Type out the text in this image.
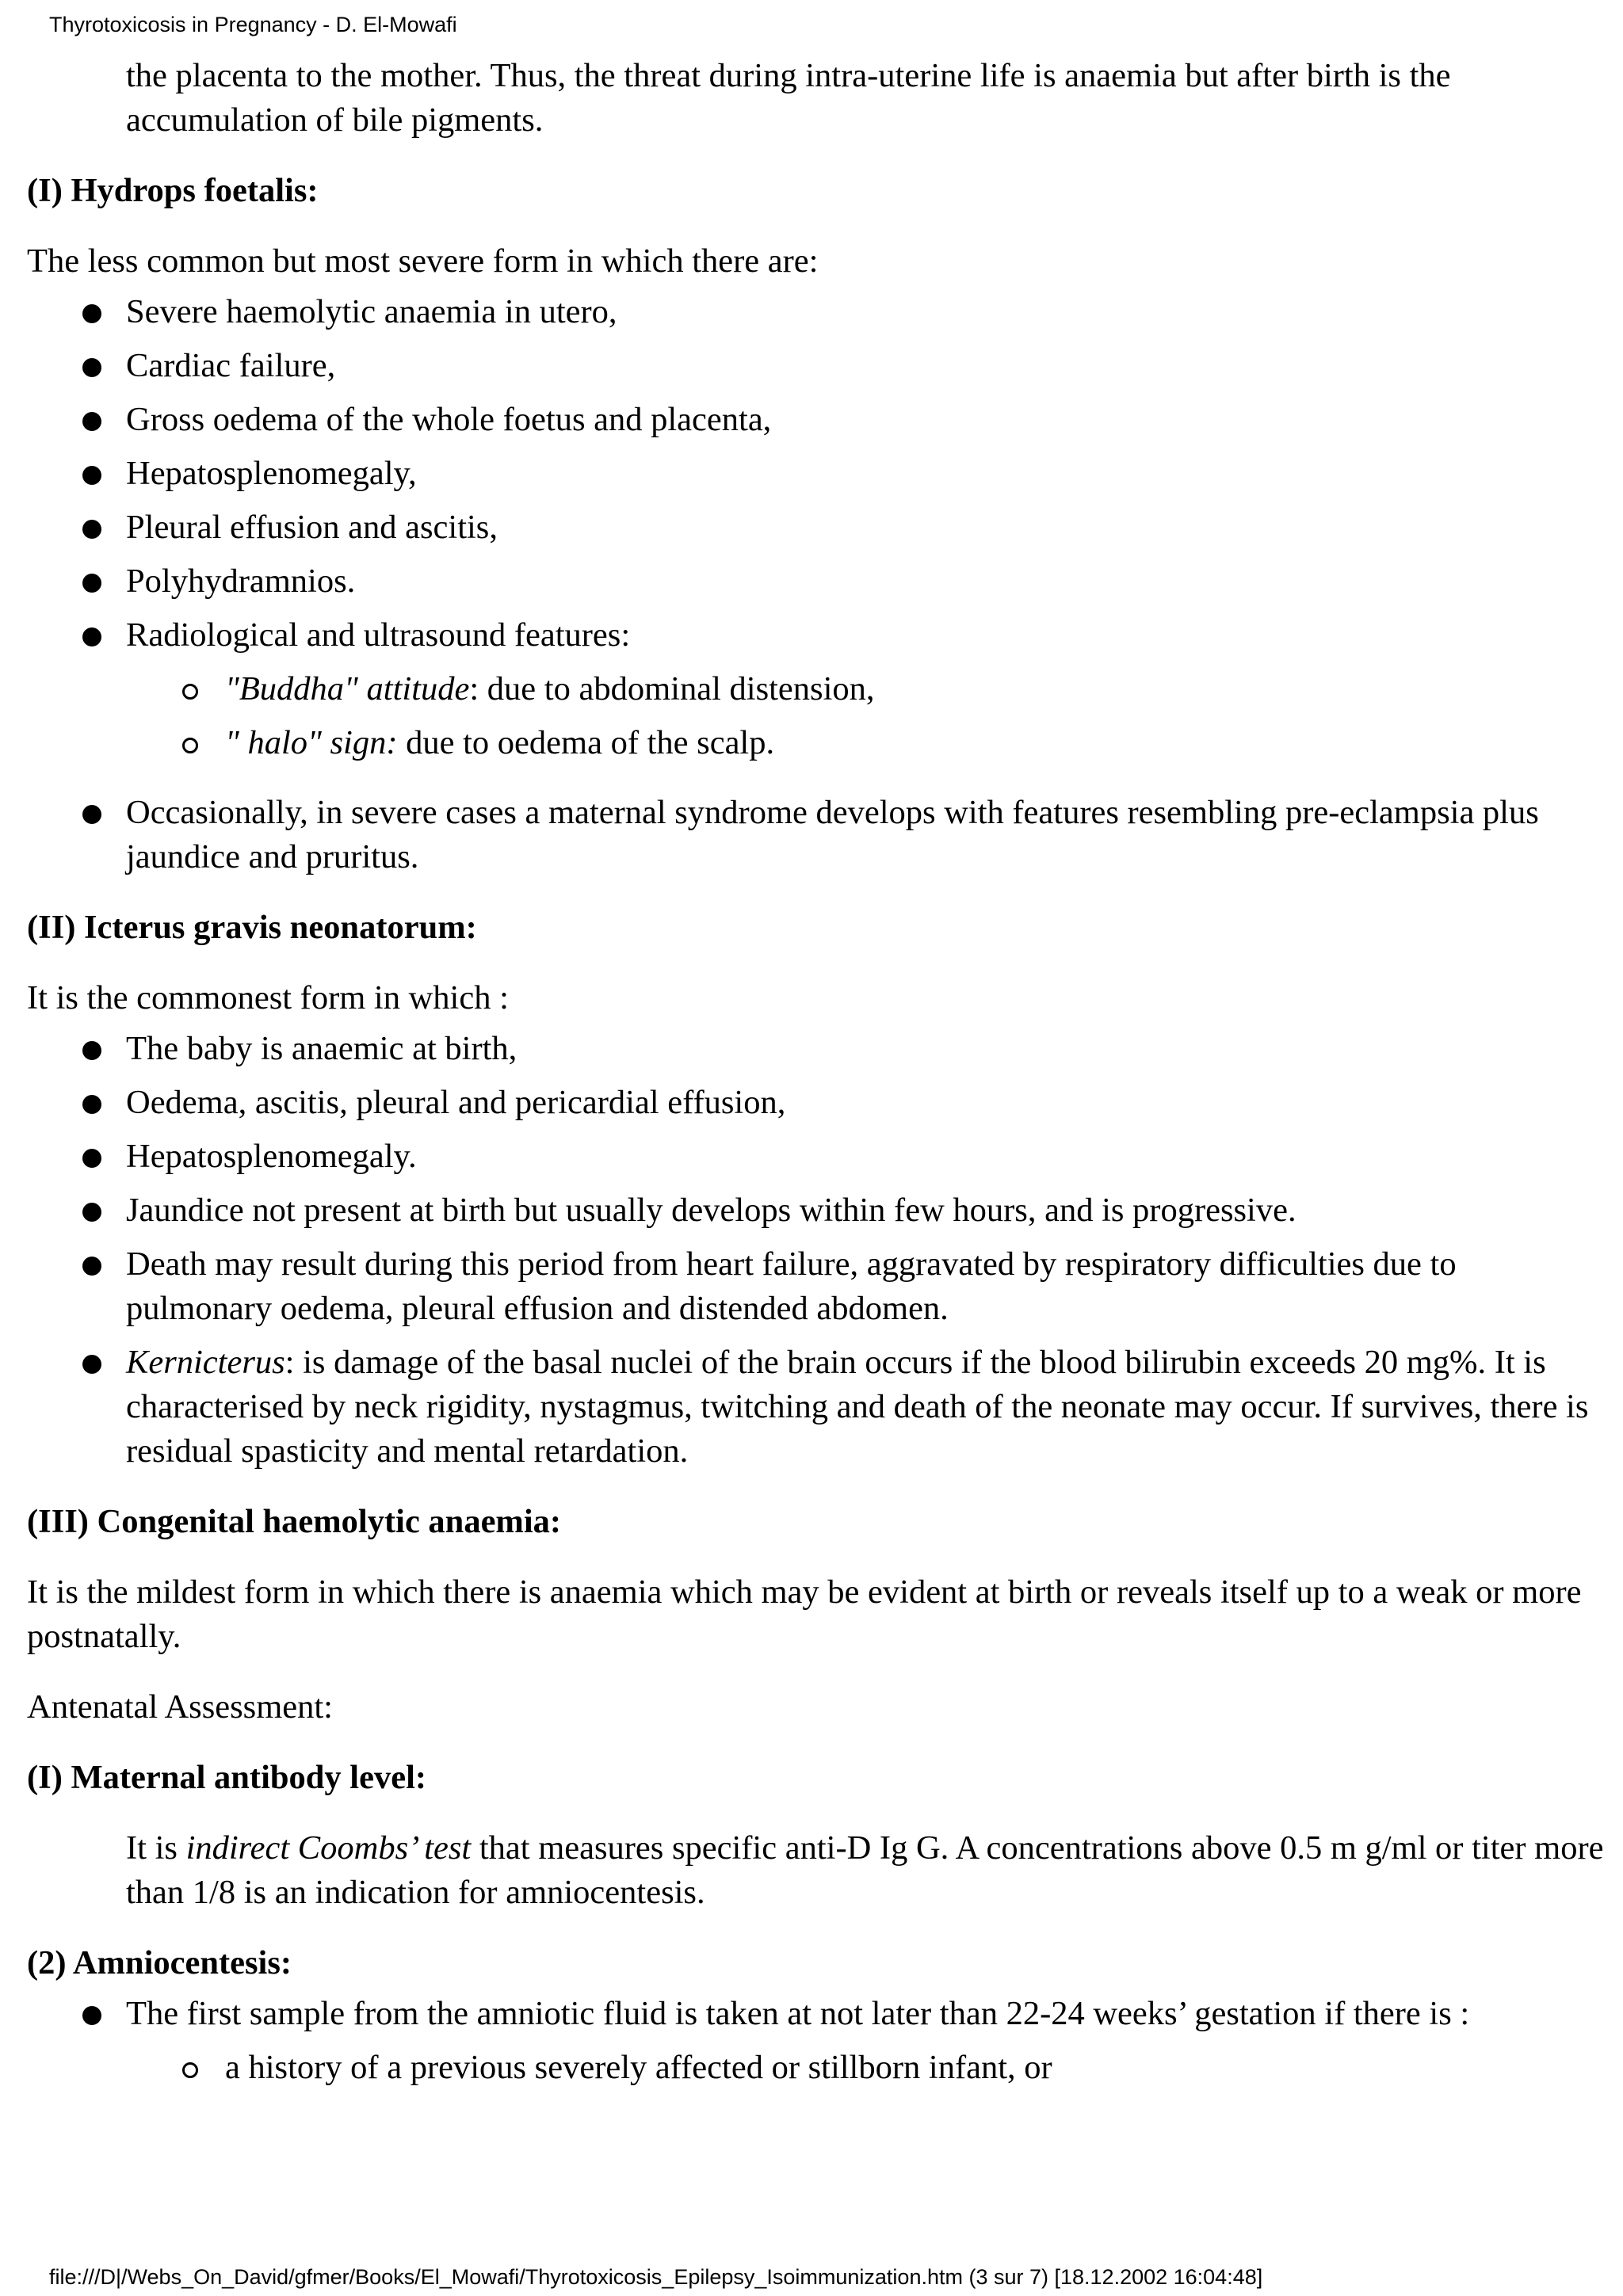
Thyrotoxicosis in Pregnancy - D. El-Mowafi

the placenta to the mother. Thus, the threat during intra-uterine life is anaemia but after birth is the accumulation of bile pigments.

(I) Hydrops foetalis:

The less common but most severe form in which there are:

Severe haemolytic anaemia in utero,
Cardiac failure,
Gross oedema of the whole foetus and placenta,
Hepatosplenomegaly,
Pleural effusion and ascitis,
Polyhydramnios.
Radiological and ultrasound features:
"Buddha" attitude: due to abdominal distension,
" halo" sign: due to oedema of the scalp.
Occasionally, in severe cases a maternal syndrome develops with features resembling pre-eclampsia plus jaundice and pruritus.

(II) Icterus gravis neonatorum:

It is the commonest form in which :

The baby is anaemic at birth,
Oedema, ascitis, pleural and pericardial effusion,
Hepatosplenomegaly.
Jaundice not present at birth but usually develops within few hours, and is progressive.
Death may result during this period from heart failure, aggravated by respiratory difficulties due to pulmonary oedema, pleural effusion and distended abdomen.
Kernicterus: is damage of the basal nuclei of the brain occurs if the blood bilirubin exceeds 20 mg%. It is characterised by neck rigidity, nystagmus, twitching and death of the neonate may occur. If survives, there is residual spasticity and mental retardation.

(III) Congenital haemolytic anaemia:

It is the mildest form in which there is anaemia which may be evident at birth or reveals itself up to a weak or more postnatally.

Antenatal Assessment:

(I) Maternal antibody level:

It is indirect Coombs’ test that measures specific anti-D Ig G. A concentrations above 0.5 m g/ml or titer more than 1/8 is an indication for amniocentesis.

(2) Amniocentesis:

The first sample from the amniotic fluid is taken at not later than 22-24 weeks’ gestation if there is :
a history of a previous severely affected or stillborn infant, or
file:///D|/Webs_On_David/gfmer/Books/El_Mowafi/Thyrotoxicosis_Epilepsy_Isoimmunization.htm (3 sur 7) [18.12.2002 16:04:48]
